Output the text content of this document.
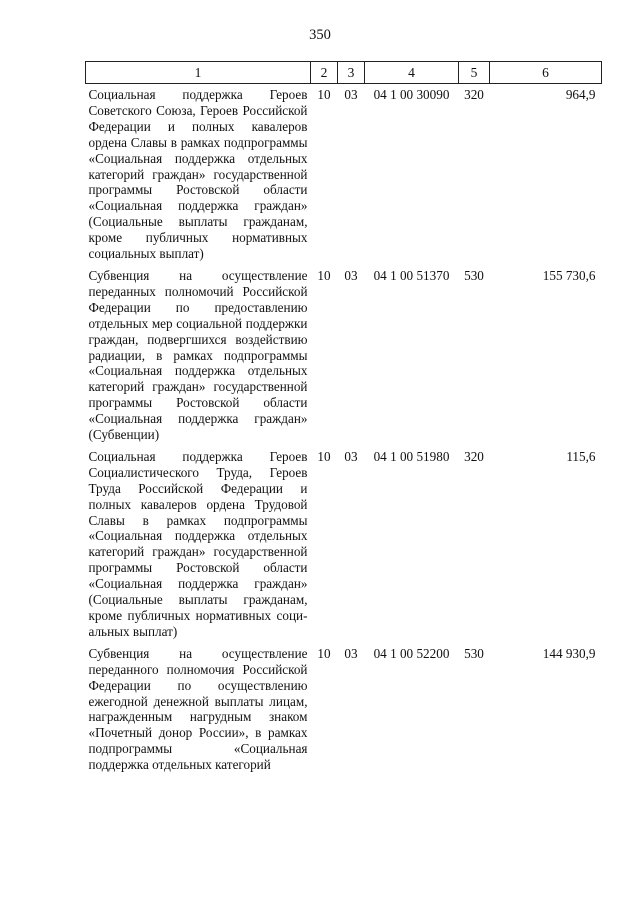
350
1	2	3	4	5	6
Социальная поддержка Героев Советского Союза, Героев Российской Федерации и полных кавалеров ордена Славы в рамках подпрограммы «Социальная поддержка отдельных категорий граждан» государственной программы Ростовской области «Социальная поддержка граждан» (Социальные выплаты гражданам, кроме публичных нормативных социальных выплат)	10	03	04 1 00 30090	320	964,9
Субвенция на осуществление переданных полномочий Российской Федерации по предоставлению отдельных мер социальной поддержки граждан, подвергшихся воздействию радиации, в рамках подпрограммы «Социальная поддержка отдельных категорий граждан» государственной программы Ростовской области «Социальная поддержка граждан» (Субвенции)	10	03	04 1 00 51370	530	155 730,6
Социальная поддержка Героев Социалистического Труда, Героев Труда Российской Федерации и полных кавалеров ордена Трудовой Славы в рамках подпрограммы «Социальная поддержка отдельных категорий граждан» государственной программы Ростовской области «Социальная поддержка граждан» (Социальные выплаты гражданам, кроме публичных нормативных социальных выплат)	10	03	04 1 00 51980	320	115,6
Субвенция на осуществление переданного полномочия Российской Федерации по осуществлению ежегодной денежной выплаты лицам, награжденным нагрудным знаком «Почетный донор России», в рамках подпрограммы «Социальная поддержка отдельных категорий	10	03	04 1 00 52200	530	144 930,9
